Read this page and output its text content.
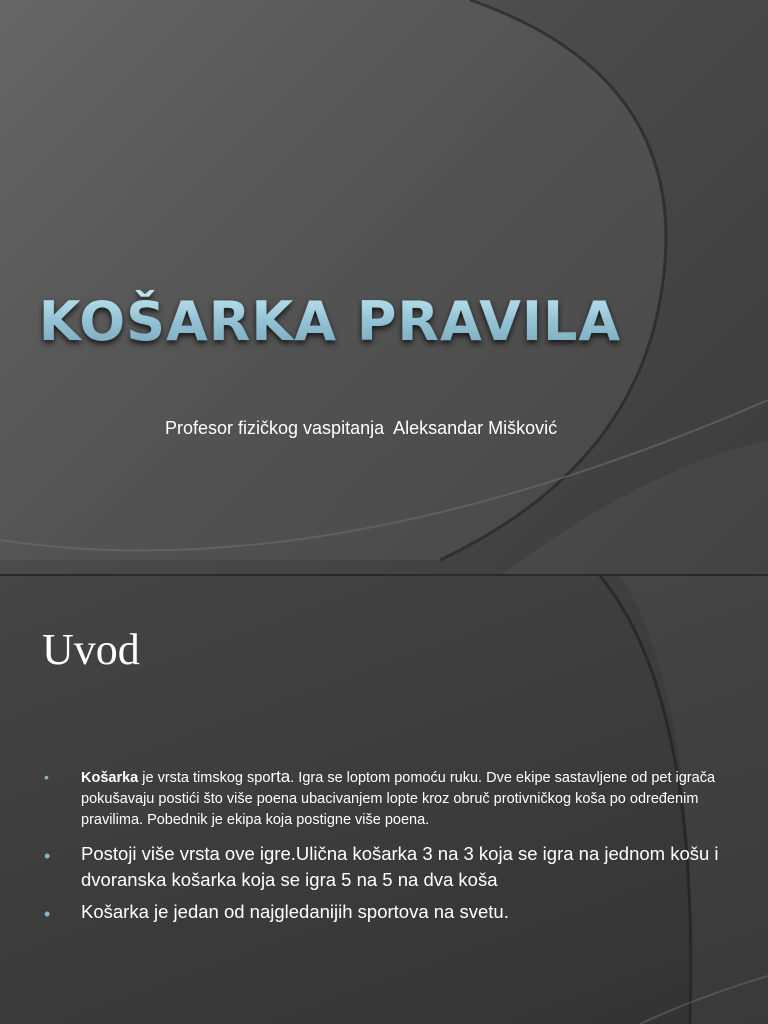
KOŠARKA PRAVILA
Profesor fizičkog vaspitanja  Aleksandar Mišković
Uvod
• Košarka je vrsta timskog sporta. Igra se loptom pomoću ruku. Dve ekipe sastavljene od pet igrača pokušavaju postići što više poena ubacivanjem lopte kroz obruč protivničkog koša po određenim pravilima. Pobednik je ekipa koja postigne više poena.
• Postoji više vrsta ove igre.Ulična košarka 3 na 3 koja se igra na jednom košu i dvoranska košarka koja se igra 5 na 5 na dva koša
• Košarka je jedan od najgledanijih sportova na svetu.
